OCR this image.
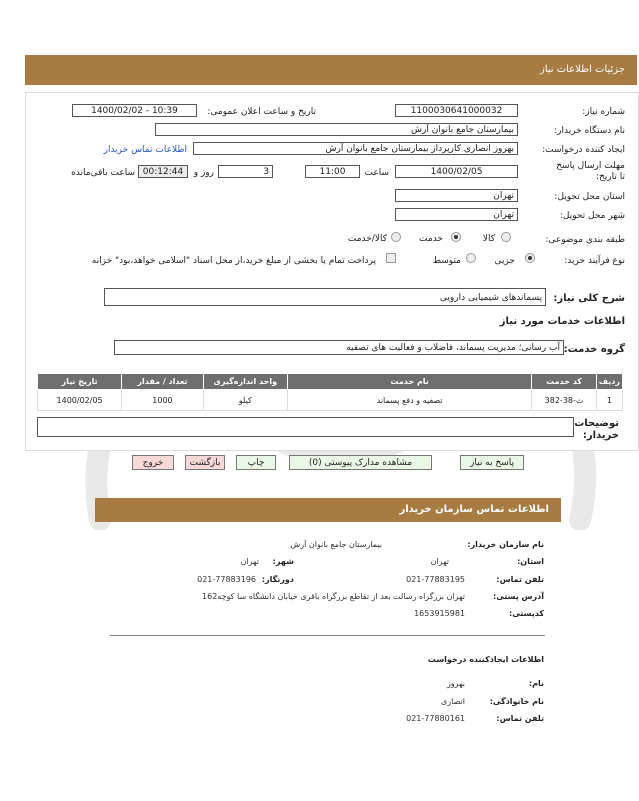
جزئیات اطلاعات نیاز
شماره نیاز:
1100030641000032
تاریخ و ساعت اعلان عمومی:
1400/02/02 - 10:39
نام دستگاه خریدار:
بیمارستان جامع بانوان آرش
ایجاد کننده درخواست:
بهروز انصاری کارپرداز بیمارستان جامع بانوان آرش
اطلاعات تماس خریدار
مهلت ارسال پاسخ تا تاریخ:
1400/02/05
ساعت
11:00
3
روز و
00:12:44
ساعت باقی‌مانده
استان محل تحویل:
تهران
شهر محل تحویل:
تهران
طبقه بندی موضوعی:
کالا
خدمت
کالا/خدمت
نوع فرآیند خرید:
جزیی
متوسط
پرداخت تمام یا بخشی از مبلغ خرید،از محل اسناد "اسلامی خواهد،بود" خزانه
شرح کلی نیاز:
پسماندهای شیمیایی دارویی
اطلاعات خدمات مورد نیاز
گروه خدمت:
آب رسانی؛ مدیریت پسماند، فاضلاب و فعالیت های تصفیه
ردیف	کد خدمت	نام خدمت	واحد اندازه‌گیری	تعداد / مقدار	تاریخ نیاز
1	ث-38-382	تصفیه و دفع پسماند	کیلو	1000	1400/02/05
توضیحات خریدار:
پاسخ به نیاز
مشاهده مدارک پیوستی (0)
چاپ
بازگشت
خروج
اطلاعات تماس سازمان خریدار
نام سازمان خریدار:
بیمارستان جامع بانوان آرش
استان:
تهران
شهر:
تهران
تلفن تماس:
021-77883195
دورنگار:
021-77883196
آدرس پستی:
تهران بزرگراه رسالت بعد از تقاطع بزرگراه باقری خیابان دانشگاه سا کوچه162
کدپستی:
1653915981
اطلاعات ایجادکننده درخواست
نام:
بهروز
نام خانوادگی:
انصاری
تلفن تماس:
021-77880161
